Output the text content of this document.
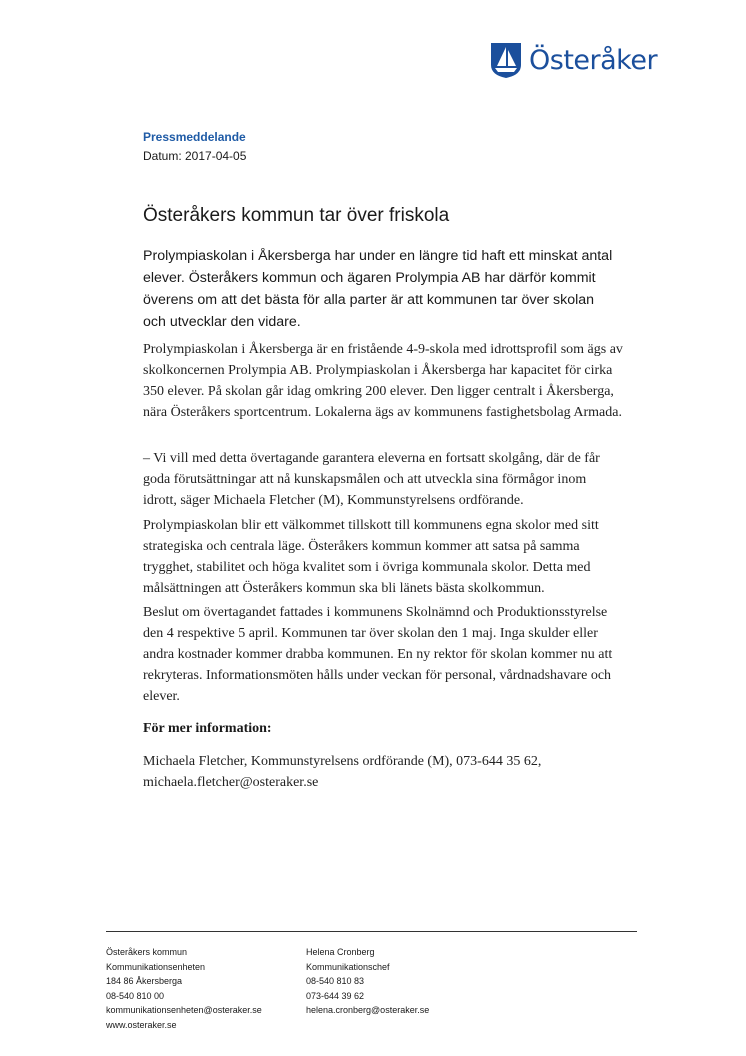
Österåker
Pressmeddelande
Datum: 2017-04-05
Österåkers kommun tar över friskola
Prolympiaskolan i Åkersberga har under en längre tid haft ett minskat antal elever. Österåkers kommun och ägaren Prolympia AB har därför kommit överens om att det bästa för alla parter är att kommunen tar över skolan och utvecklar den vidare.

Prolympiaskolan i Åkersberga är en fristående 4-9-skola med idrottsprofil som ägs av skolkoncernen Prolympia AB. Prolympiaskolan i Åkersberga har kapacitet för cirka 350 elever. På skolan går idag omkring 200 elever. Den ligger centralt i Åkersberga, nära Österåkers sportcentrum. Lokalerna ägs av kommunens fastighetsbolag Armada.

– Vi vill med detta övertagande garantera eleverna en fortsatt skolgång, där de får goda förutsättningar att nå kunskapsmålen och att utveckla sina förmågor inom idrott, säger Michaela Fletcher (M), Kommunstyrelsens ordförande.

Prolympiaskolan blir ett välkommet tillskott till kommunens egna skolor med sitt strategiska och centrala läge. Österåkers kommun kommer att satsa på samma trygghet, stabilitet och höga kvalitet som i övriga kommunala skolor. Detta med målsättningen att Österåkers kommun ska bli länets bästa skolkommun.

Beslut om övertagandet fattades i kommunens Skolnämnd och Produktionsstyrelse den 4 respektive 5 april. Kommunen tar över skolan den 1 maj. Inga skulder eller andra kostnader kommer drabba kommunen. En ny rektor för skolan kommer nu att rekryteras. Informationsmöten hålls under veckan för personal, vårdnadshavare och elever.

För mer information:
Michaela Fletcher, Kommunstyrelsens ordförande (M), 073-644 35 62,
michaela.fletcher@osteraker.se
Österåkers kommun
Kommunikationsenheten
184 86 Åkersberga
08-540 810 00
kommunikationsenheten@osteraker.se
www.osteraker.se
Helena Cronberg
Kommunikationschef
08-540 810 83
073-644 39 62
helena.cronberg@osteraker.se
